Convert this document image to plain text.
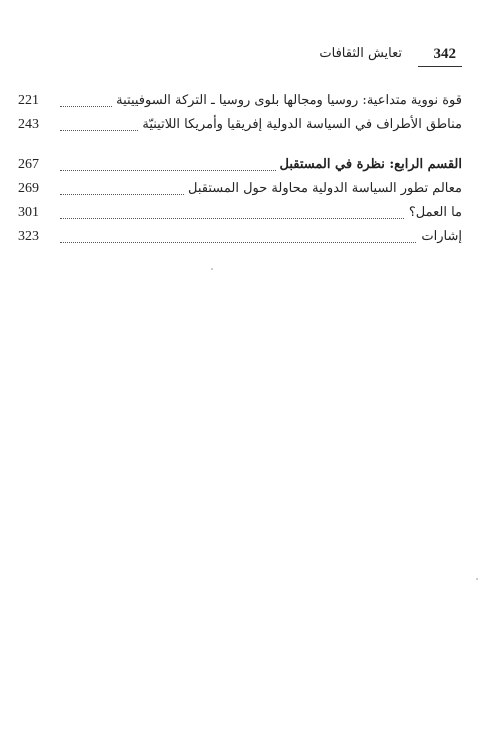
342
تعايش الثقافات
قوة نووية متداعية: روسيا ومجالها بلوى روسيا ـ التركة السوفييتية
221
مناطق الأطراف في السياسة الدولية إفريقيا وأمريكا اللاتينيّة
243
القسم الرابع: نظرة في المستقبل
267
معالم تطور السياسة الدولية محاولة حول المستقبل
269
ما العمل؟
301
إشارات
323
